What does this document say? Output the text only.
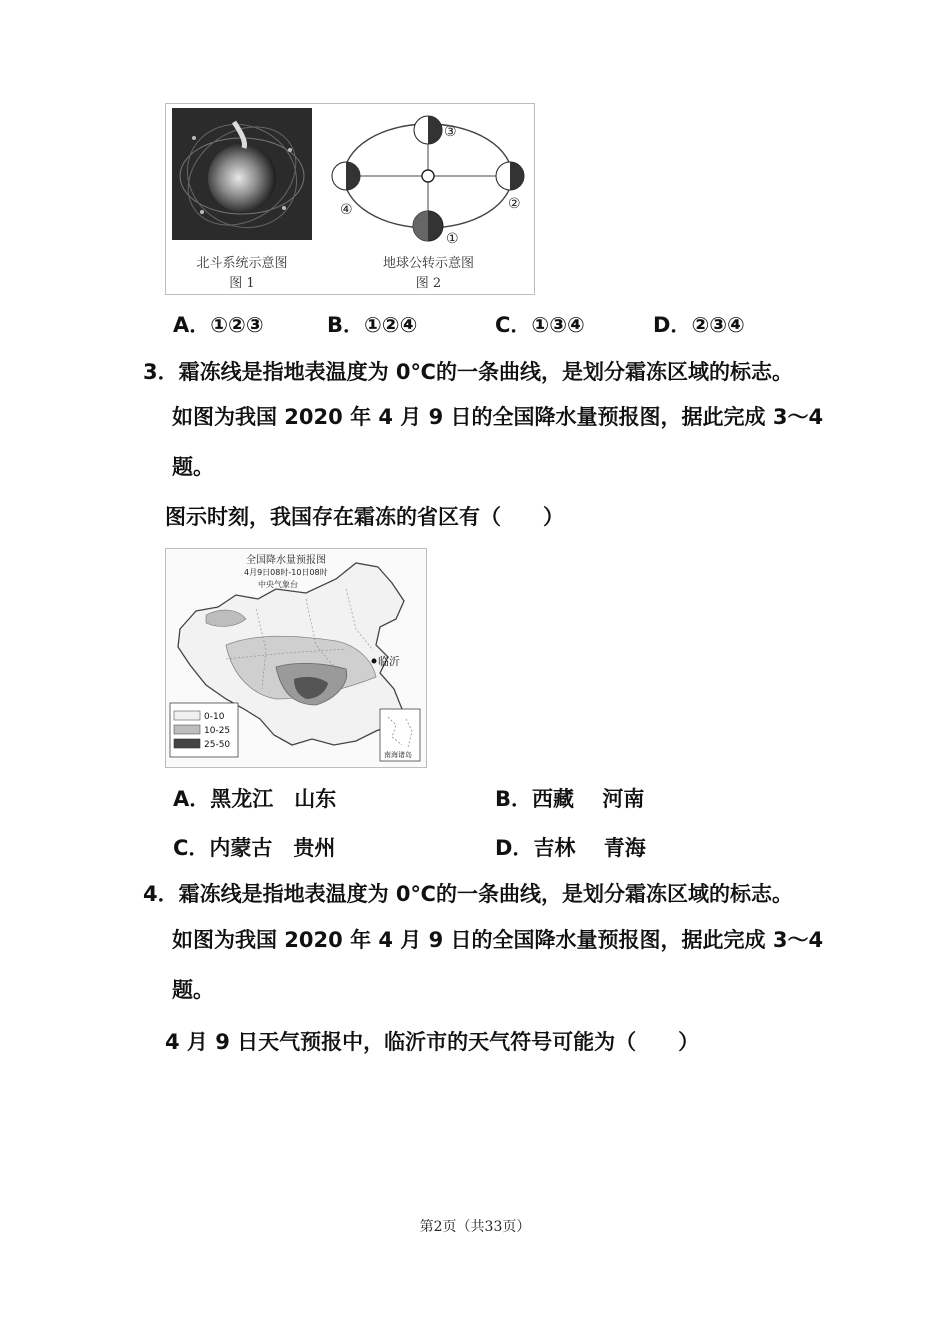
③
②
①
④
北斗系统示意图
图 1
地球公转示意图
图 2
A．①②③	B．①②④	C．①③④	D．②③④
3．霜冻线是指地表温度为 0℃的一条曲线，是划分霜冻区域的标志。
如图为我国 2020 年 4 月 9 日的全国降水量预报图，据此完成 3～4
题。
图示时刻，我国存在霜冻的省区有（　　）
临沂
全国降水量预报图
4月9日08时-10日08时
中央气象台
0-10
10-25
25-50
南海诸岛
A．黑龙江　山东	B．西藏　 河南
C．内蒙古　贵州	D．吉林　 青海
4．霜冻线是指地表温度为 0℃的一条曲线，是划分霜冻区域的标志。
如图为我国 2020 年 4 月 9 日的全国降水量预报图，据此完成 3～4
题。
4 月 9 日天气预报中，临沂市的天气符号可能为（　　）
第2页（共33页）
